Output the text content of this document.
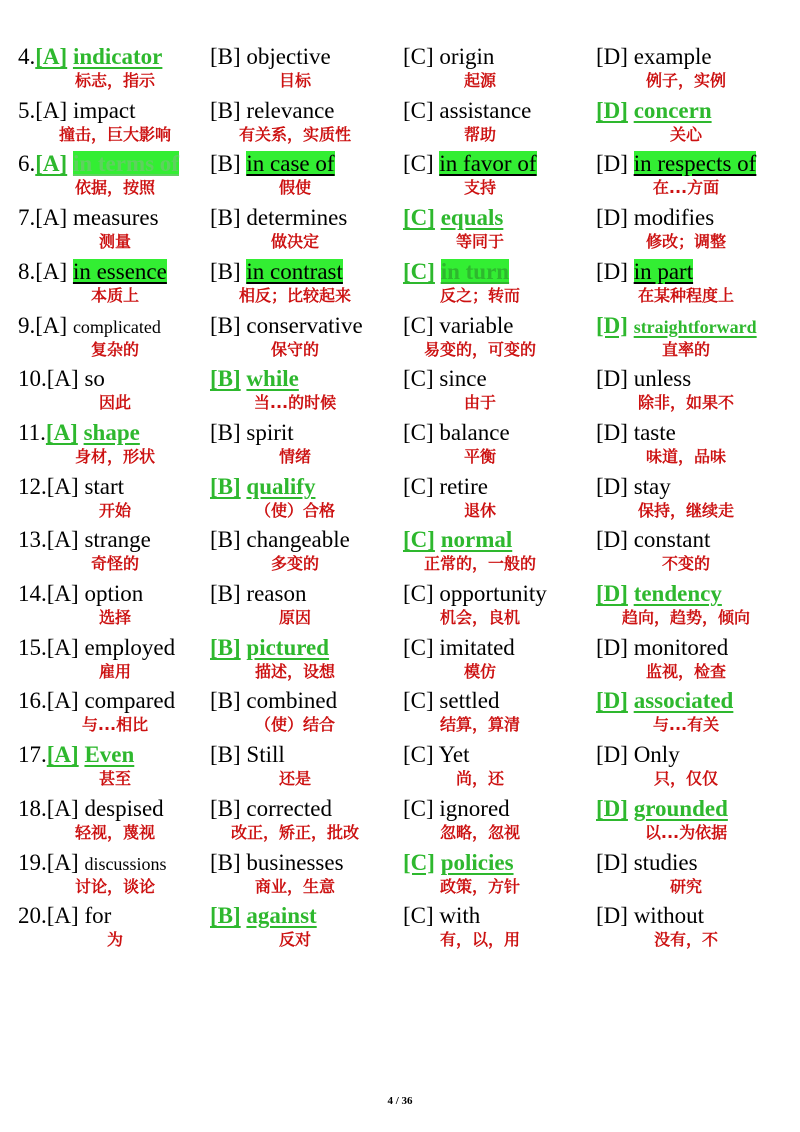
4.[A] indicator
标志，指示
[B] objective
目标
[C] origin
起源
[D] example
例子，实例
5.[A] impact
撞击，巨大影响
[B] relevance
有关系，实质性
[C] assistance
帮助
[D] concern
关心
6.[A] in terms of
依据，按照
[B] in case of
假使
[C] in favor of
支持
[D] in respects of
在...方面
7.[A] measures
测量
[B] determines
做决定
[C] equals
等同于
[D] modifies
修改；调整
8.[A] in essence
本质上
[B] in contrast
相反；比较起来
[C] in turn
反之；转而
[D] in part
在某种程度上
9.[A] complicated
复杂的
[B] conservative
保守的
[C] variable
易变的，可变的
[D] straightforward
直率的
10.[A] so
因此
[B] while
当...的时候
[C] since
由于
[D] unless
除非，如果不
11.[A] shape
身材，形状
[B] spirit
情绪
[C] balance
平衡
[D] taste
味道，品味
12.[A] start
开始
[B] qualify
（使）合格
[C] retire
退休
[D] stay
保持，继续走
13.[A] strange
奇怪的
[B] changeable
多变的
[C] normal
正常的，一般的
[D] constant
不变的
14.[A] option
选择
[B] reason
原因
[C] opportunity
机会，良机
[D] tendency
趋向，趋势，倾向
15.[A] employed
雇用
[B] pictured
描述，设想
[C] imitated
模仿
[D] monitored
监视，检查
16.[A] compared
与...相比
[B] combined
（使）结合
[C] settled
结算，算清
[D] associated
与...有关
17.[A] Even
甚至
[B] Still
还是
[C] Yet
尚，还
[D] Only
只，仅仅
18.[A] despised
轻视，蔑视
[B] corrected
改正，矫正，批改
[C] ignored
忽略，忽视
[D] grounded
以...为依据
19.[A] discussions
讨论，谈论
[B] businesses
商业，生意
[C] policies
政策，方针
[D] studies
研究
20.[A] for
为
[B] against
反对
[C] with
有，以，用
[D] without
没有，不
4 / 36
